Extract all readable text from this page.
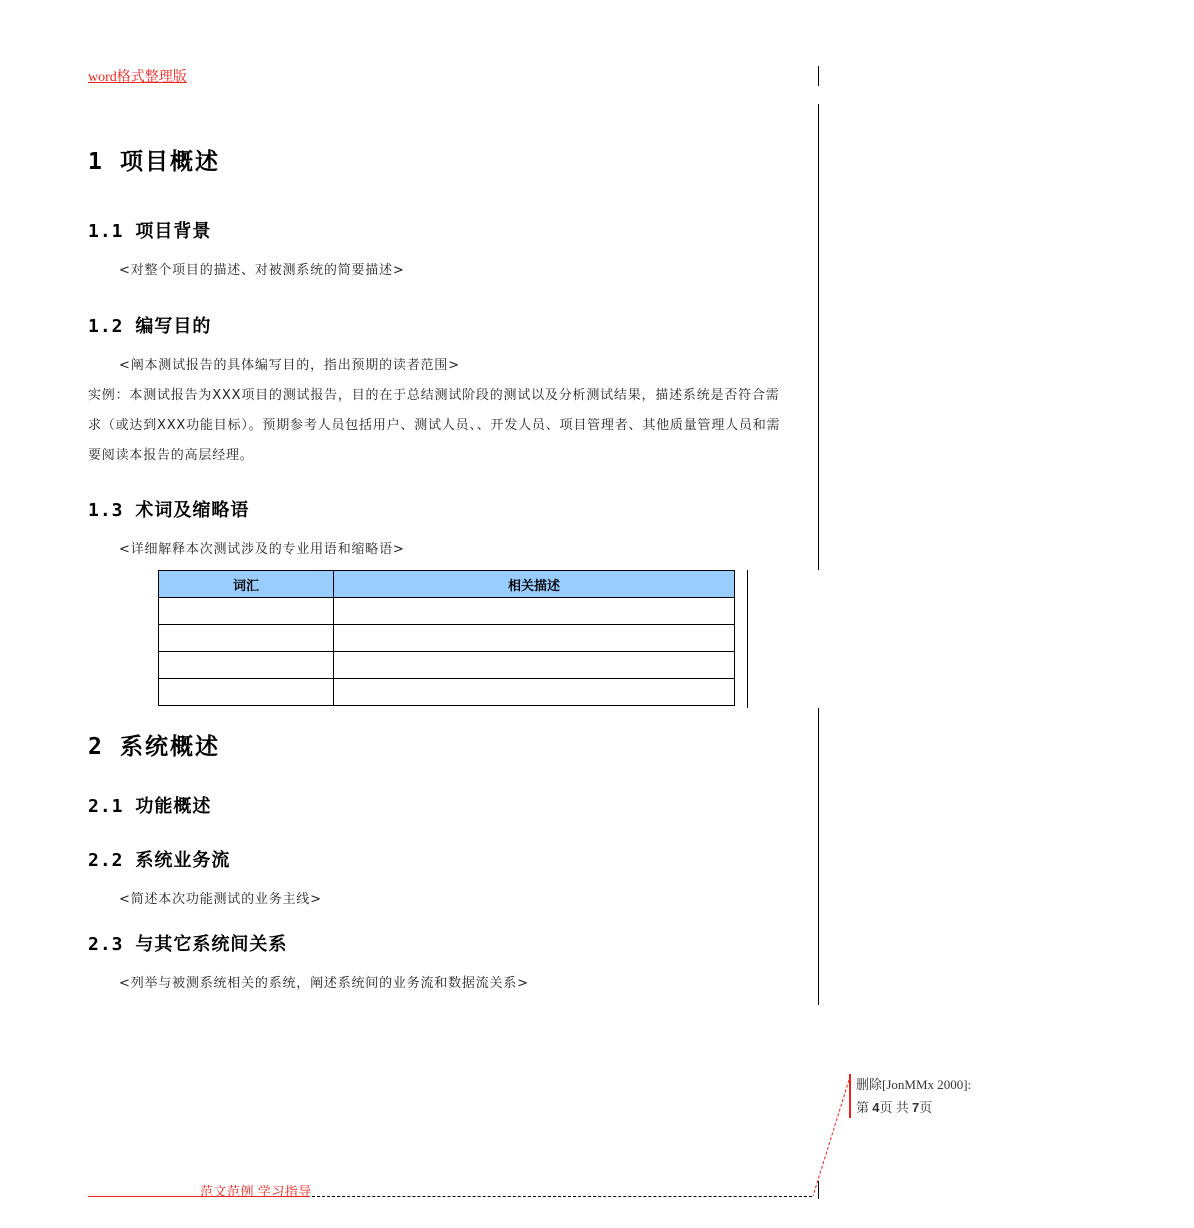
word格式整理版
1 项目概述
1.1 项目背景
<对整个项目的描述、对被测系统的简要描述>
1.2 编写目的
<阐本测试报告的具体编写目的，指出预期的读者范围>
实例：本测试报告为XXX项目的测试报告，目的在于总结测试阶段的测试以及分析测试结果，描述系统是否符合需求（或达到XXX功能目标）。预期参考人员包括用户、测试人员、、开发人员、项目管理者、其他质量管理人员和需要阅读本报告的高层经理。
1.3 术词及缩略语
<详细解释本次测试涉及的专业用语和缩略语>
词汇	相关描述

2 系统概述
2.1 功能概述
2.2 系统业务流
<简述本次功能测试的业务主线>
2.3 与其它系统间关系
<列举与被测系统相关的系统，阐述系统间的业务流和数据流关系>
删除[JonMMx 2000]:
第 4页 共 7页
范文范例 学习指导
